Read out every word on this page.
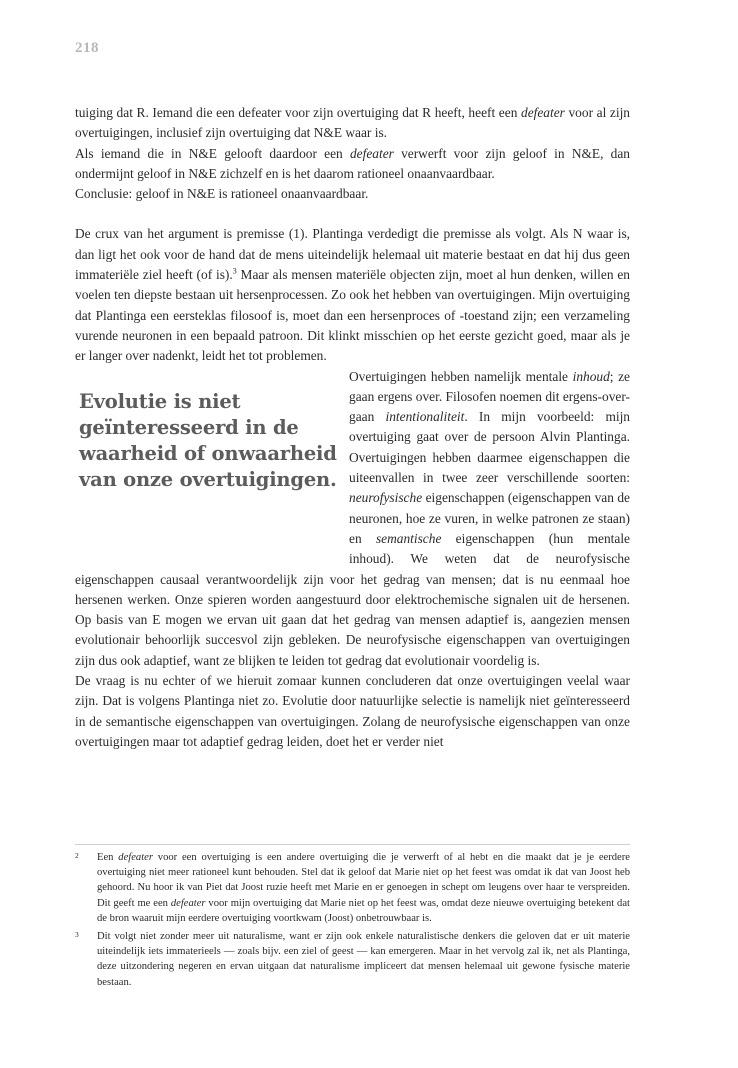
218

tuiging dat R. Iemand die een defeater voor zijn overtuiging dat R heeft, heeft een defeater voor al zijn overtuigingen, inclusief zijn overtuiging dat N&E waar is.

Als iemand die in N&E gelooft daardoor een defeater verwerft voor zijn geloof in N&E, dan ondermijnt geloof in N&E zichzelf en is het daarom rationeel onaanvaardbaar.

Conclusie: geloof in N&E is rationeel onaanvaardbaar.

De crux van het argument is premisse (1). Plantinga verdedigt die premisse als volgt. Als N waar is, dan ligt het ook voor de hand dat de mens uiteindelijk helemaal uit materie bestaat en dat hij dus geen immateriële ziel heeft (of is).$^3$ Maar als mensen materiële objecten zijn, moet al hun denken, willen en voelen ten diepste bestaan uit hersenprocessen. Zo ook het hebben van overtuigingen. Mijn overtuiging dat Plantinga een eersteklas filosoof is, moet dan een hersenproces of -toestand zijn; een verzameling vurende neuronen in een bepaald patroon. Dit klinkt misschien op het eerste gezicht goed, maar als je er langer over nadenkt, leidt het tot problemen.

Evolutie is niet geïnteresseerd in de waarheid of onwaarheid van onze overtuigingen.

Overtuigingen hebben namelijk mentale inhoud; ze gaan ergens over. Filosofen noemen dit ergens-over-gaan intentionaliteit. In mijn voorbeeld: mijn overtuiging gaat over de persoon Alvin Plantinga. Overtuigingen hebben daarmee eigenschappen die uiteenvallen in twee zeer verschillende soorten: neurofysische eigenschappen (eigenschappen van de neuronen, hoe ze vuren, in welke patronen ze staan) en semantische eigenschappen (hun mentale inhoud). We weten dat de neurofysische eigenschappen causaal verantwoordelijk zijn voor het gedrag van mensen; dat is nu eenmaal hoe hersenen werken. Onze spieren worden aangestuurd door elektrochemische signalen uit de hersenen. Op basis van E mogen we ervan uit gaan dat het gedrag van mensen adaptief is, aangezien mensen evolutionair behoorlijk succesvol zijn gebleken. De neurofysische eigenschappen van overtuigingen zijn dus ook adaptief, want ze blijken te leiden tot gedrag dat evolutionair voordelig is.

De vraag is nu echter of we hieruit zomaar kunnen concluderen dat onze overtuigingen veelal waar zijn. Dat is volgens Plantinga niet zo. Evolutie door natuurlijke selectie is namelijk niet geïnteresseerd in de semantische eigenschappen van overtuigingen. Zolang de neurofysische eigenschappen van onze overtuigingen maar tot adaptief gedrag leiden, doet het er verder niet

2 Een defeater voor een overtuiging is een andere overtuiging die je verwerft of al hebt en die maakt dat je je eerdere overtuiging niet meer rationeel kunt behouden. Stel dat ik geloof dat Marie niet op het feest was omdat ik dat van Joost heb gehoord. Nu hoor ik van Piet dat Joost ruzie heeft met Marie en er genoegen in schept om leugens over haar te verspreiden. Dit geeft me een defeater voor mijn overtuiging dat Marie niet op het feest was, omdat deze nieuwe overtuiging betekent dat de bron waaruit mijn eerdere overtuiging voortkwam (Joost) onbetrouwbaar is.
3 Dit volgt niet zonder meer uit naturalisme, want er zijn ook enkele naturalistische denkers die geloven dat er uit materie uiteindelijk iets immaterieels — zoals bijv. een ziel of geest — kan emergeren. Maar in het vervolg zal ik, net als Plantinga, deze uitzondering negeren en ervan uitgaan dat naturalisme impliceert dat mensen helemaal uit gewone fysische materie bestaan.
